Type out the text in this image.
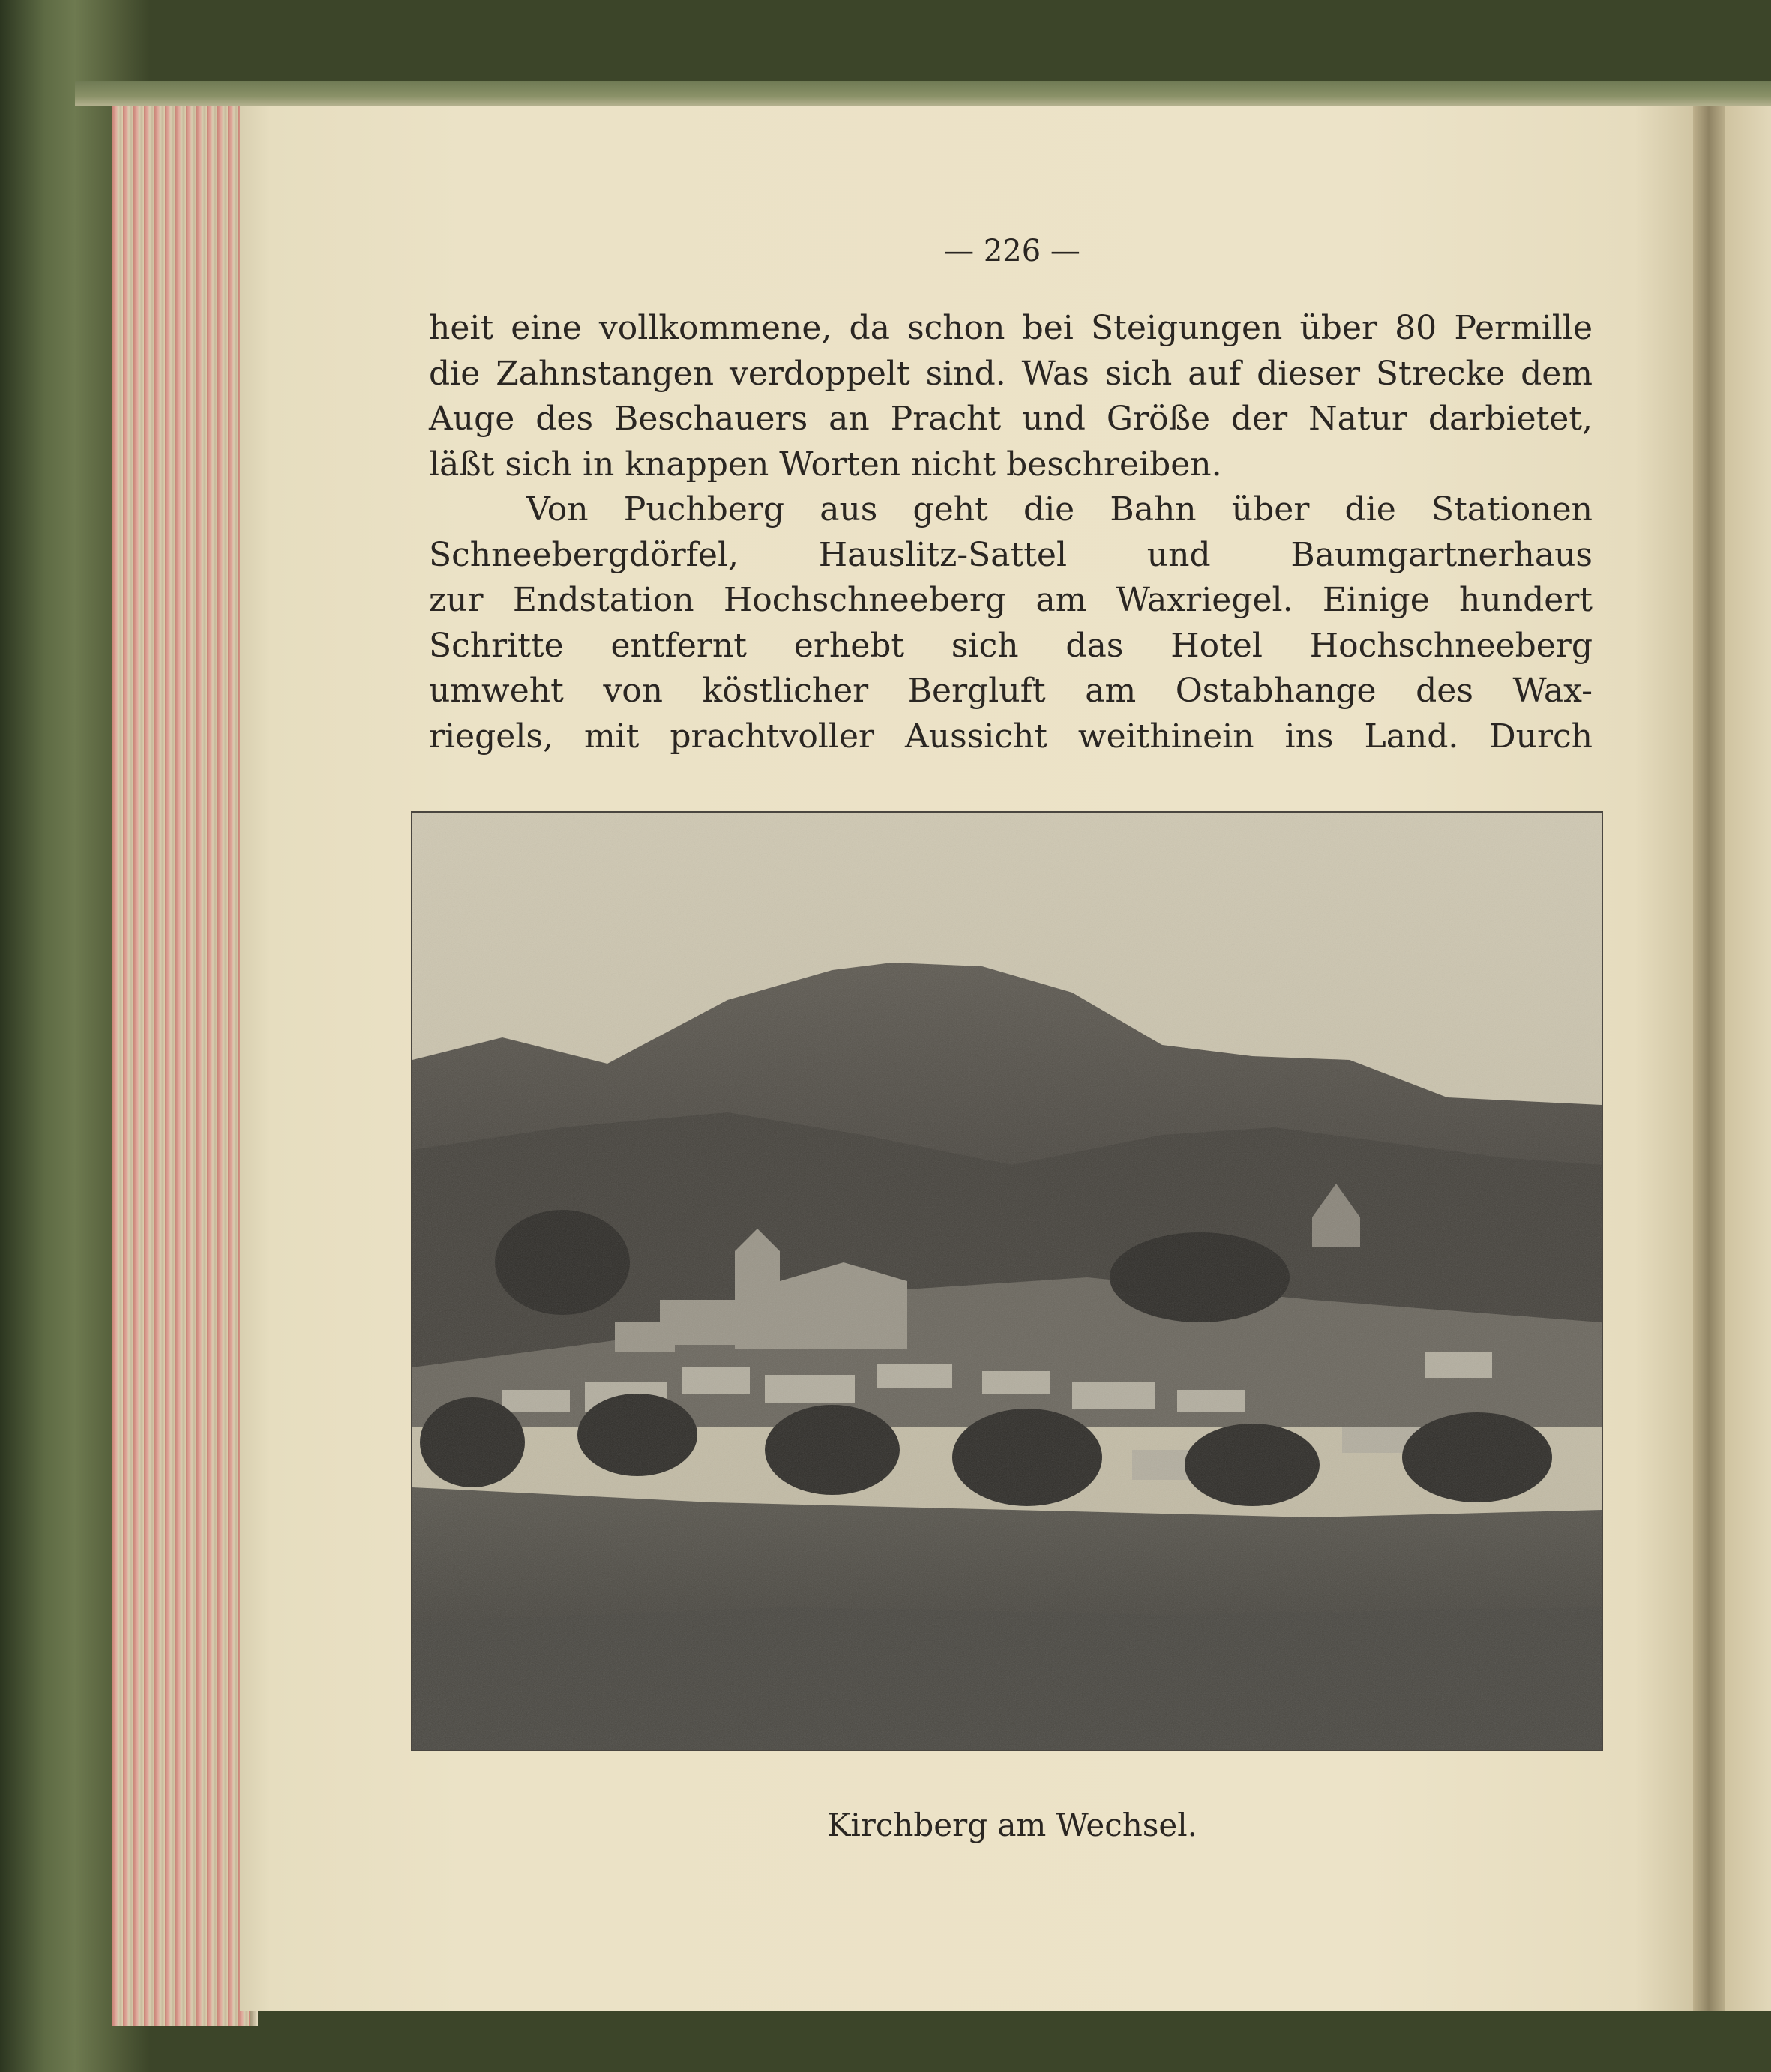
— 226 —
heit eine vollkommene, da schon bei Steigungen über 80 Permille
die Zahnstangen verdoppelt sind. Was sich auf dieser Strecke dem
Auge des Beschauers an Pracht und Größe der Natur darbietet,
läßt sich in knappen Worten nicht beschreiben.
Von Puchberg aus geht die Bahn über die Stationen
Schneebergdörfel, Hauslitz-Sattel und Baumgartnerhaus
zur Endstation Hochschneeberg am Waxriegel. Einige hundert
Schritte entfernt erhebt sich das Hotel Hochschneeberg
umweht von köstlicher Bergluft am Ostabhange des Wax-
riegels, mit prachtvoller Aussicht weithinein ins Land. Durch
Kirchberg am Wechsel.
